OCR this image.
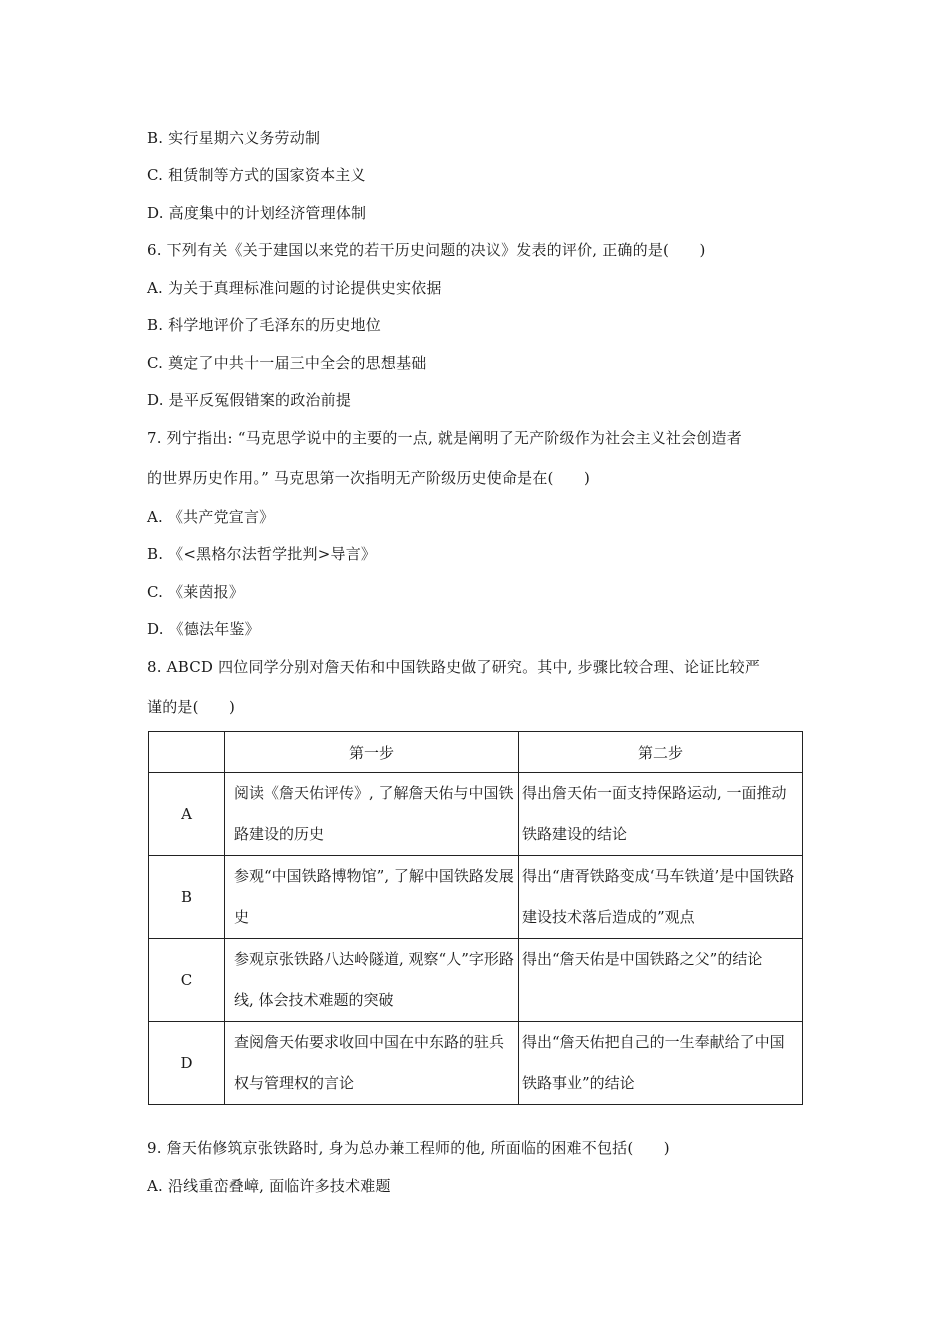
B. 实行星期六义务劳动制
C. 租赁制等方式的国家资本主义
D. 高度集中的计划经济管理体制
6. 下列有关《关于建国以来党的若干历史问题的决议》发表的评价, 正确的是(　　)
A. 为关于真理标准问题的讨论提供史实依据
B. 科学地评价了毛泽东的历史地位
C. 奠定了中共十一届三中全会的思想基础
D. 是平反冤假错案的政治前提
7. 列宁指出: “马克思学说中的主要的一点, 就是阐明了无产阶级作为社会主义社会创造者
的世界历史作用。” 马克思第一次指明无产阶级历史使命是在(　　)
A. 《共产党宣言》
B. 《<黑格尔法哲学批判>导言》
C. 《莱茵报》
D. 《德法年鉴》
8. ABCD 四位同学分别对詹天佑和中国铁路史做了研究。其中, 步骤比较合理、论证比较严
谨的是(　　)
	第一步	第二步
A	阅读《詹天佑评传》, 了解詹天佑与中国铁路建设的历史	得出詹天佑一面支持保路运动, 一面推动铁路建设的结论

B	参观“中国铁路博物馆”, 了解中国铁路发展史	得出“唐胥铁路变成‘马车铁道’是中国铁路建设技术落后造成的”观点

C	参观京张铁路八达岭隧道, 观察“人”字形路线, 体会技术难题的突破	得出“詹天佑是中国铁路之父”的结论

D	查阅詹天佑要求收回中国在中东路的驻兵权与管理权的言论	得出“詹天佑把自己的一生奉献给了中国铁路事业”的结论
9. 詹天佑修筑京张铁路时, 身为总办兼工程师的他, 所面临的困难不包括(　　)
A. 沿线重峦叠嶂, 面临许多技术难题
